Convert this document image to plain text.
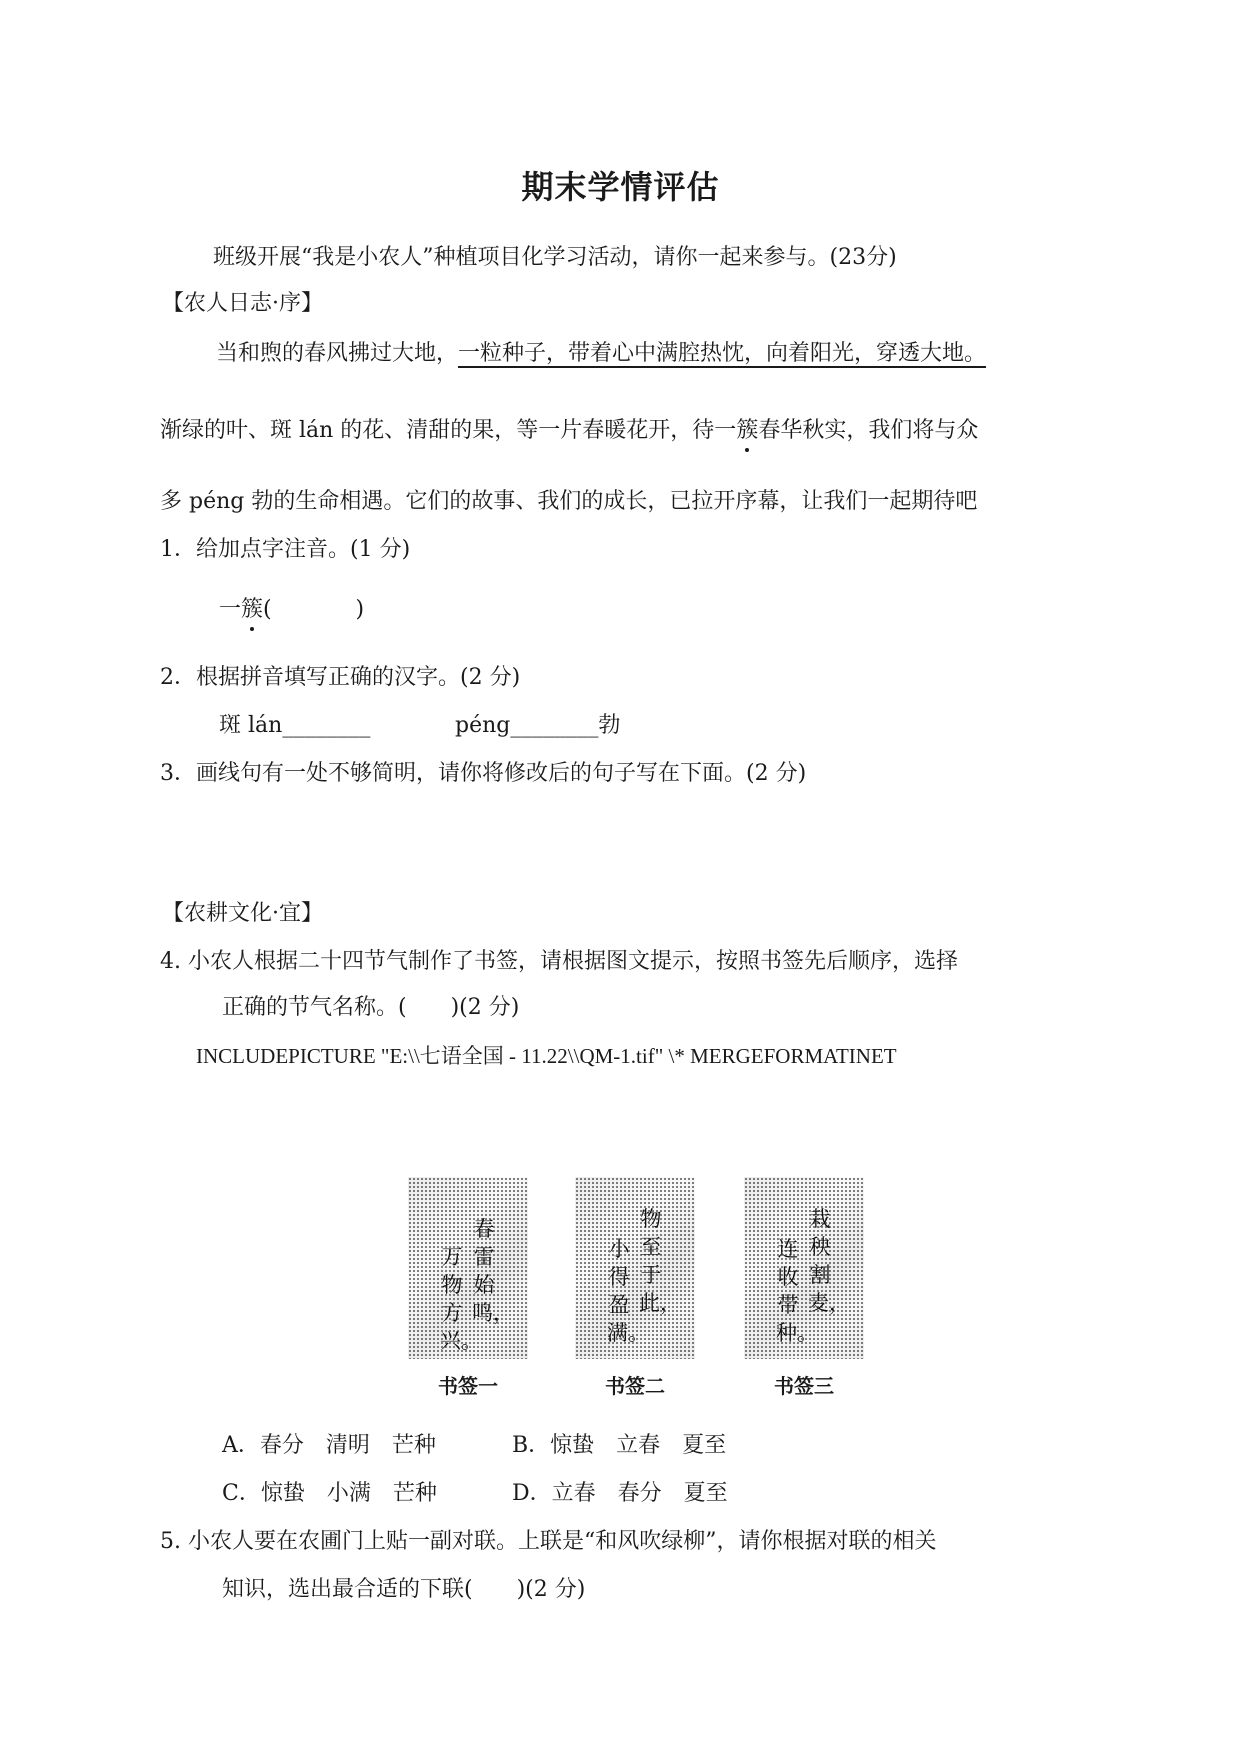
期末学情评估
班级开展“我是小农人”种植项目化学习活动，请你一起来参与。(23分)
【农人日志·序】
当和煦的春风拂过大地，一粒种子，带着心中满腔热忱，向着阳光，穿透大地。
渐绿的叶、斑 lán 的花、清甜的果，等一片春暖花开，待一簇春华秋实，我们将与众
多 péng 勃的生命相遇。它们的故事、我们的成长，已拉开序幕，让我们一起期待吧
1．给加点字注音。(1 分)
一簇(            )
2．根据拼音填写正确的汉字。(2 分)
斑 lán________	péng________勃
3．画线句有一处不够简明，请你将修改后的句子写在下面。(2 分)
【农耕文化·宜】
4. 小农人根据二十四节气制作了书签，请根据图文提示，按照书签先后顺序，选择
正确的节气名称。(　　)(2 分)
INCLUDEPICTURE "E:\\七语全国 - 11.22\\QM-1.tif" \* MERGEFORMATINET
春雷始鸣，
万物方兴。
物至于此，
小得盈满。
栽秧割麦，
连收带种。
书签一	书签二	书签三
A．春分　清明　芒种	B．惊蛰　立春　夏至
C．惊蛰　小满　芒种	D．立春　春分　夏至
5. 小农人要在农圃门上贴一副对联。上联是“和风吹绿柳”，请你根据对联的相关
知识，选出最合适的下联(　　)(2 分)
